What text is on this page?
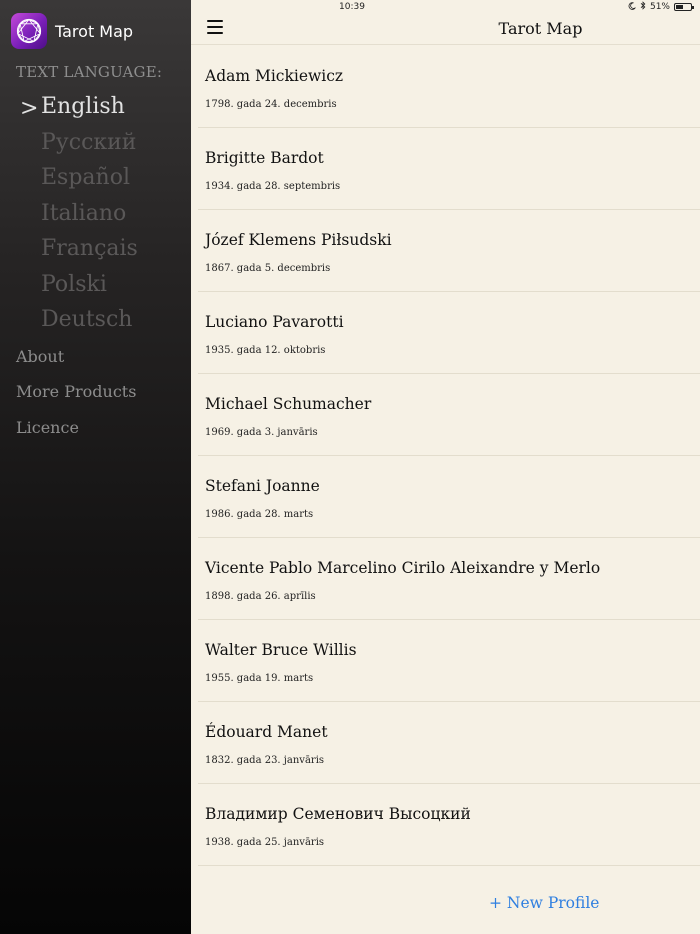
Tarot Map
TEXT LANGUAGE:
> English
Русский
Español
Italiano
Français
Polski
Deutsch
About
More Products
Licence
10:39	51%
Tarot Map
Adam Mickiewicz
1798. gada 24. decembris
Brigitte Bardot
1934. gada 28. septembris
Józef Klemens Piłsudski
1867. gada 5. decembris
Luciano Pavarotti
1935. gada 12. oktobris
Michael Schumacher
1969. gada 3. janvāris
Stefani Joanne
1986. gada 28. marts
Vicente Pablo Marcelino Cirilo Aleixandre y Merlo
1898. gada 26. aprīlis
Walter Bruce Willis
1955. gada 19. marts
Édouard Manet
1832. gada 23. janvāris
Владимир Семенович Высоцкий
1938. gada 25. janvāris
+ New Profile
